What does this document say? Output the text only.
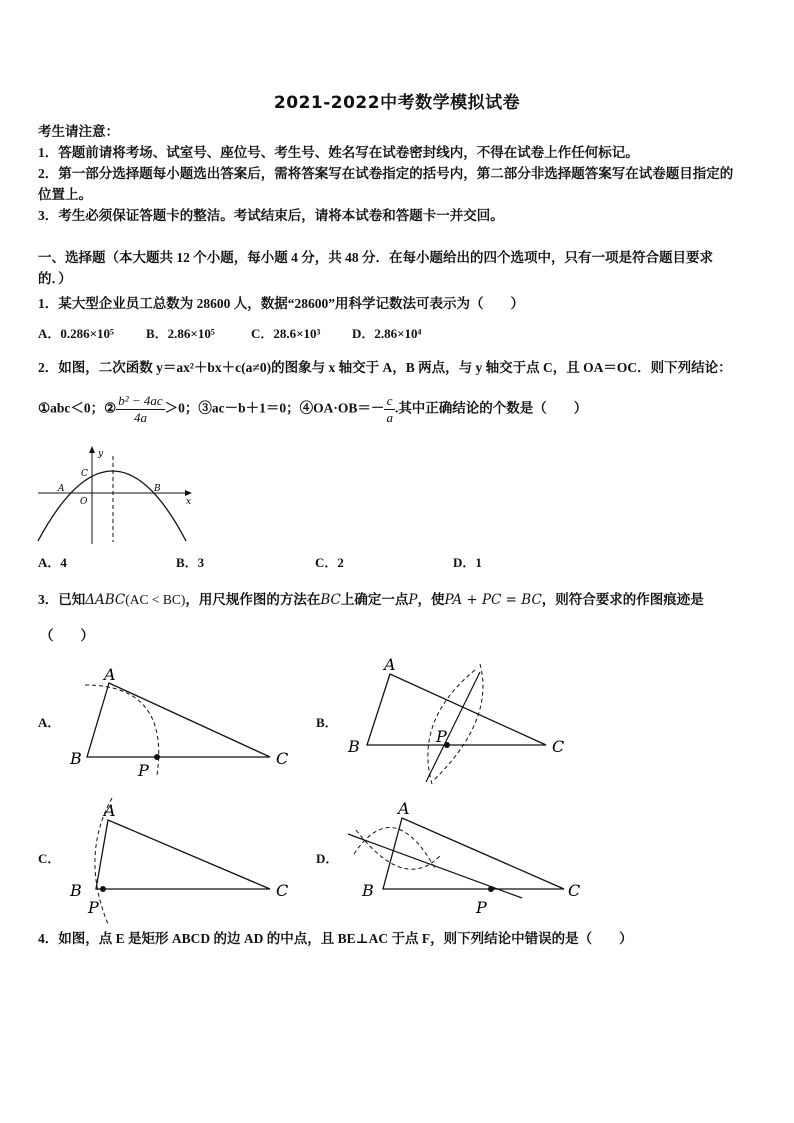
2021-2022中考数学模拟试卷
考生请注意：
1．答题前请将考场、试室号、座位号、考生号、姓名写在试卷密封线内，不得在试卷上作任何标记。
2．第一部分选择题每小题选出答案后，需将答案写在试卷指定的括号内，第二部分非选择题答案写在试卷题目指定的
位置上。
3．考生必须保证答题卡的整洁。考试结束后，请将本试卷和答题卡一并交回。
一、选择题（本大题共 12 个小题，每小题 4 分，共 48 分．在每小题给出的四个选项中，只有一项是符合题目要求
的．）
1．某大型企业员工总数为 28600 人，数据“28600”用科学记数法可表示为（　　）
A．0.286×10⁵ B．2.86×10⁵	C．28.6×10³ D．2.86×10⁴
2．如图，二次函数 y＝ax²＋bx＋c(a≠0)的图象与 x 轴交于 A，B 两点，与 y 轴交于点 C，且 OA＝OC．则下列结论：
①abc＜0；② $\frac{\text{b² − 4ac}}{4a} >0$；③ac－b＋1＝0；④OA·OB＝－ $\frac{c}{a}$ .其中正确结论的个数是（　　）
y
x
O
A	B
C
A．4	B．3	C．2	D．1
3．已知ΔABC(AC < BC)，用尺规作图的方法在BC上确定一点P，使PA + PC = BC，则符合要求的作图痕迹是
（　　）
A．
A
B	C
P
B．
A
B	C
P
C．
A
B	C
P
D．
A
B	C
P
4．如图，点 E 是矩形 ABCD 的边 AD 的中点，且 BE⊥AC 于点 F，则下列结论中错误的是（　　）
